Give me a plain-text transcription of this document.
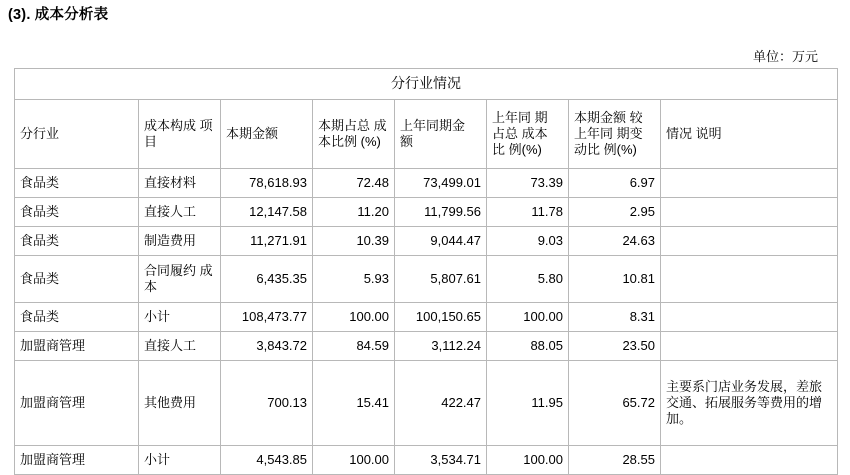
(3). 成本分析表
单位：万元
分行业情况							
分行业	成本构成 项目	本期金额	本期占总 成本比例 (%)	上年同期金 额	上年同 期 占总 成本 比 例(%)	本期金额 较 上年同 期变 动比 例(%)	情况 说明
食品类	直接材料	78,618.93	72.48	73,499.01	73.39	6.97	
食品类	直接人工	12,147.58	11.20	11,799.56	11.78	2.95	
食品类	制造费用	11,271.91	10.39	9,044.47	9.03	24.63	
食品类	合同履约 成本	6,435.35	5.93	5,807.61	5.80	10.81	
食品类	小计	108,473.77	100.00	100,150.65	100.00	8.31	
加盟商管理	直接人工	3,843.72	84.59	3,112.24	88.05	23.50	
加盟商管理	其他费用	700.13	15.41	422.47	11.95	65.72	主要系门店业务发展，差旅交通、拓展服务等费用的增加。
加盟商管理	小计	4,543.85	100.00	3,534.71	100.00	28.55	
